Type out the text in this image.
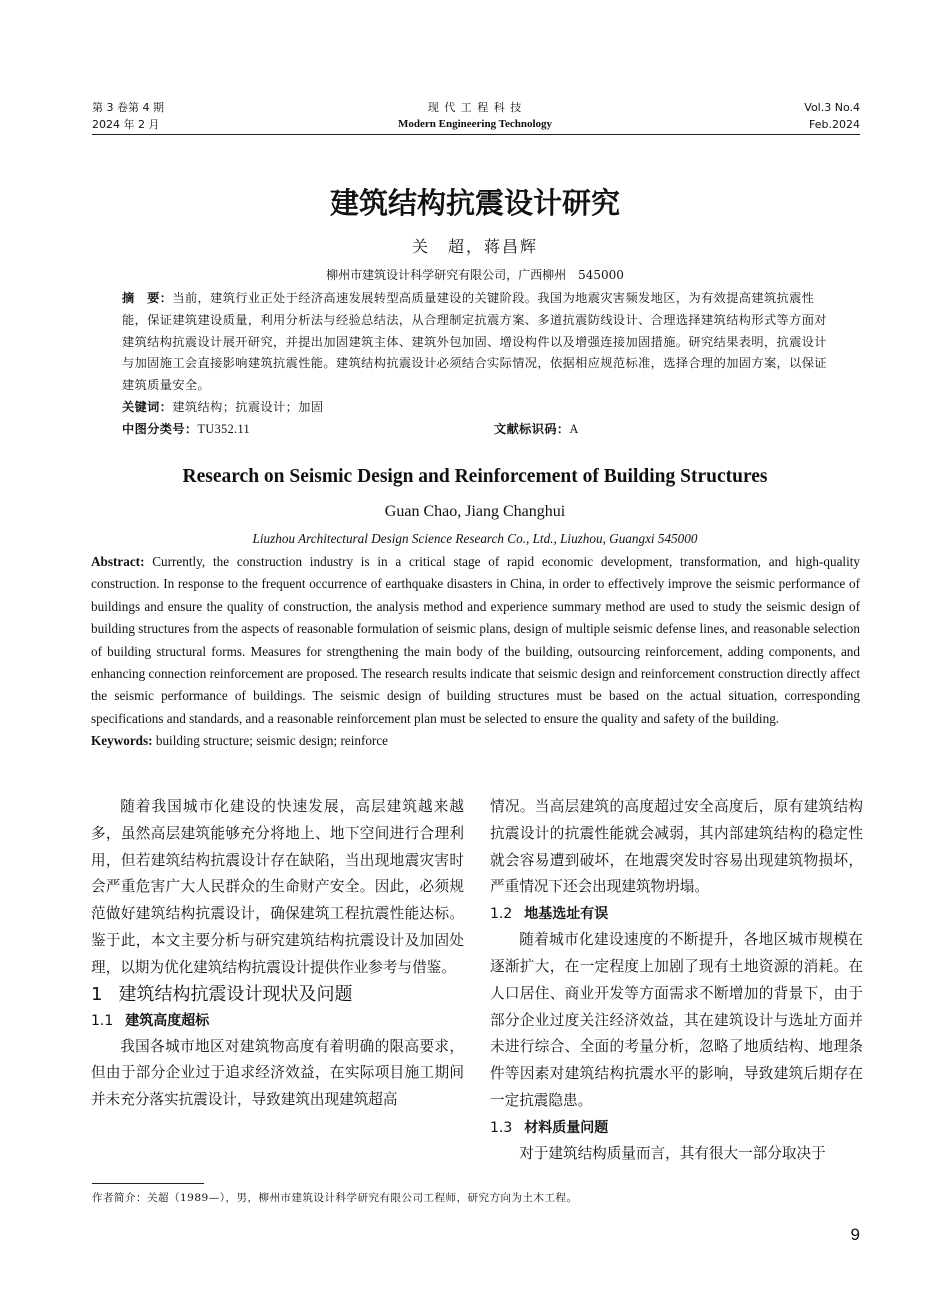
第 3 卷第 4 期
2024 年 2 月
现 代 工 程 科 技
Modern Engineering Technology
Vol.3 No.4
Feb.2024
建筑结构抗震设计研究
关　超，蒋昌辉
柳州市建筑设计科学研究有限公司，广西柳州　545000
摘　要：当前，建筑行业正处于经济高速发展转型高质量建设的关键阶段。我国为地震灾害频发地区，为有效提高建筑抗震性能，保证建筑建设质量，利用分析法与经验总结法，从合理制定抗震方案、多道抗震防线设计、合理选择建筑结构形式等方面对建筑结构抗震设计展开研究，并提出加固建筑主体、建筑外包加固、增设构件以及增强连接加固措施。研究结果表明，抗震设计与加固施工会直接影响建筑抗震性能。建筑结构抗震设计必须结合实际情况，依据相应规范标准，选择合理的加固方案，以保证建筑质量安全。
关键词：建筑结构；抗震设计；加固
中图分类号：TU352.11	文献标识码：A
Research on Seismic Design and Reinforcement of Building Structures
Guan Chao, Jiang Changhui
Liuzhou Architectural Design Science Research Co., Ltd., Liuzhou, Guangxi 545000
Abstract: Currently, the construction industry is in a critical stage of rapid economic development, transformation, and high-quality construction. In response to the frequent occurrence of earthquake disasters in China, in order to effectively improve the seismic performance of buildings and ensure the quality of construction, the analysis method and experience summary method are used to study the seismic design of building structures from the aspects of reasonable formulation of seismic plans, design of multiple seismic defense lines, and reasonable selection of building structural forms. Measures for strengthening the main body of the building, outsourcing reinforcement, adding components, and enhancing connection reinforcement are proposed. The research results indicate that seismic design and reinforcement construction directly affect the seismic performance of buildings. The seismic design of building structures must be based on the actual situation, corresponding specifications and standards, and a reasonable reinforcement plan must be selected to ensure the quality and safety of the building.
Keywords: building structure; seismic design; reinforce

随着我国城市化建设的快速发展，高层建筑越来越多，虽然高层建筑能够充分将地上、地下空间进行合理利用，但若建筑结构抗震设计存在缺陷，当出现地震灾害时会严重危害广大人民群众的生命财产安全。因此，必须规范做好建筑结构抗震设计，确保建筑工程抗震性能达标。鉴于此，本文主要分析与研究建筑结构抗震设计及加固处理，以期为优化建筑结构抗震设计提供作业参考与借鉴。

1 建筑结构抗震设计现状及问题

1.1 建筑高度超标

我国各城市地区对建筑物高度有着明确的限高要求，但由于部分企业过于追求经济效益，在实际项目施工期间并未充分落实抗震设计，导致建筑出现建筑超高

情况。当高层建筑的高度超过安全高度后，原有建筑结构抗震设计的抗震性能就会减弱，其内部建筑结构的稳定性就会容易遭到破坏，在地震突发时容易出现建筑物损坏，严重情况下还会出现建筑物坍塌。

1.2 地基选址有误

随着城市化建设速度的不断提升，各地区城市规模在逐渐扩大，在一定程度上加剧了现有土地资源的消耗。在人口居住、商业开发等方面需求不断增加的背景下，由于部分企业过度关注经济效益，其在建筑设计与选址方面并未进行综合、全面的考量分析，忽略了地质结构、地理条件等因素对建筑结构抗震水平的影响，导致建筑后期存在一定抗震隐患。

1.3 材料质量问题

对于建筑结构质量而言，其有很大一部分取决于

作者简介：关超（1989—），男，柳州市建筑设计科学研究有限公司工程师，研究方向为土木工程。
9
